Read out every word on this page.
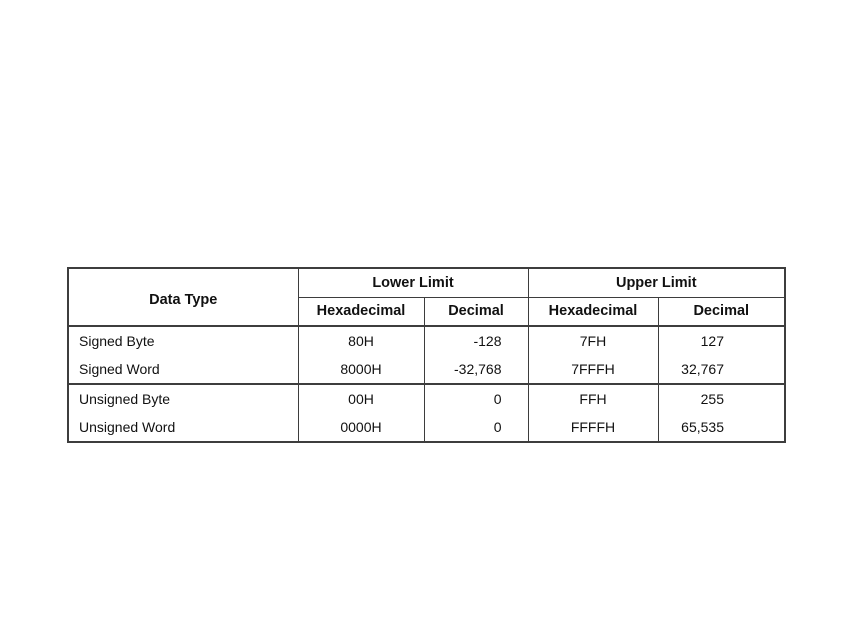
Data Type	Lower Limit		Upper Limit	
	Hexadecimal	Decimal	Hexadecimal	Decimal
Signed Byte	80H	-128	7FH	127
Signed Word	8000H	-32,768	7FFFH	32,767
Unsigned Byte	00H	0	FFH	255
Unsigned Word	0000H	0	FFFFH	65,535
